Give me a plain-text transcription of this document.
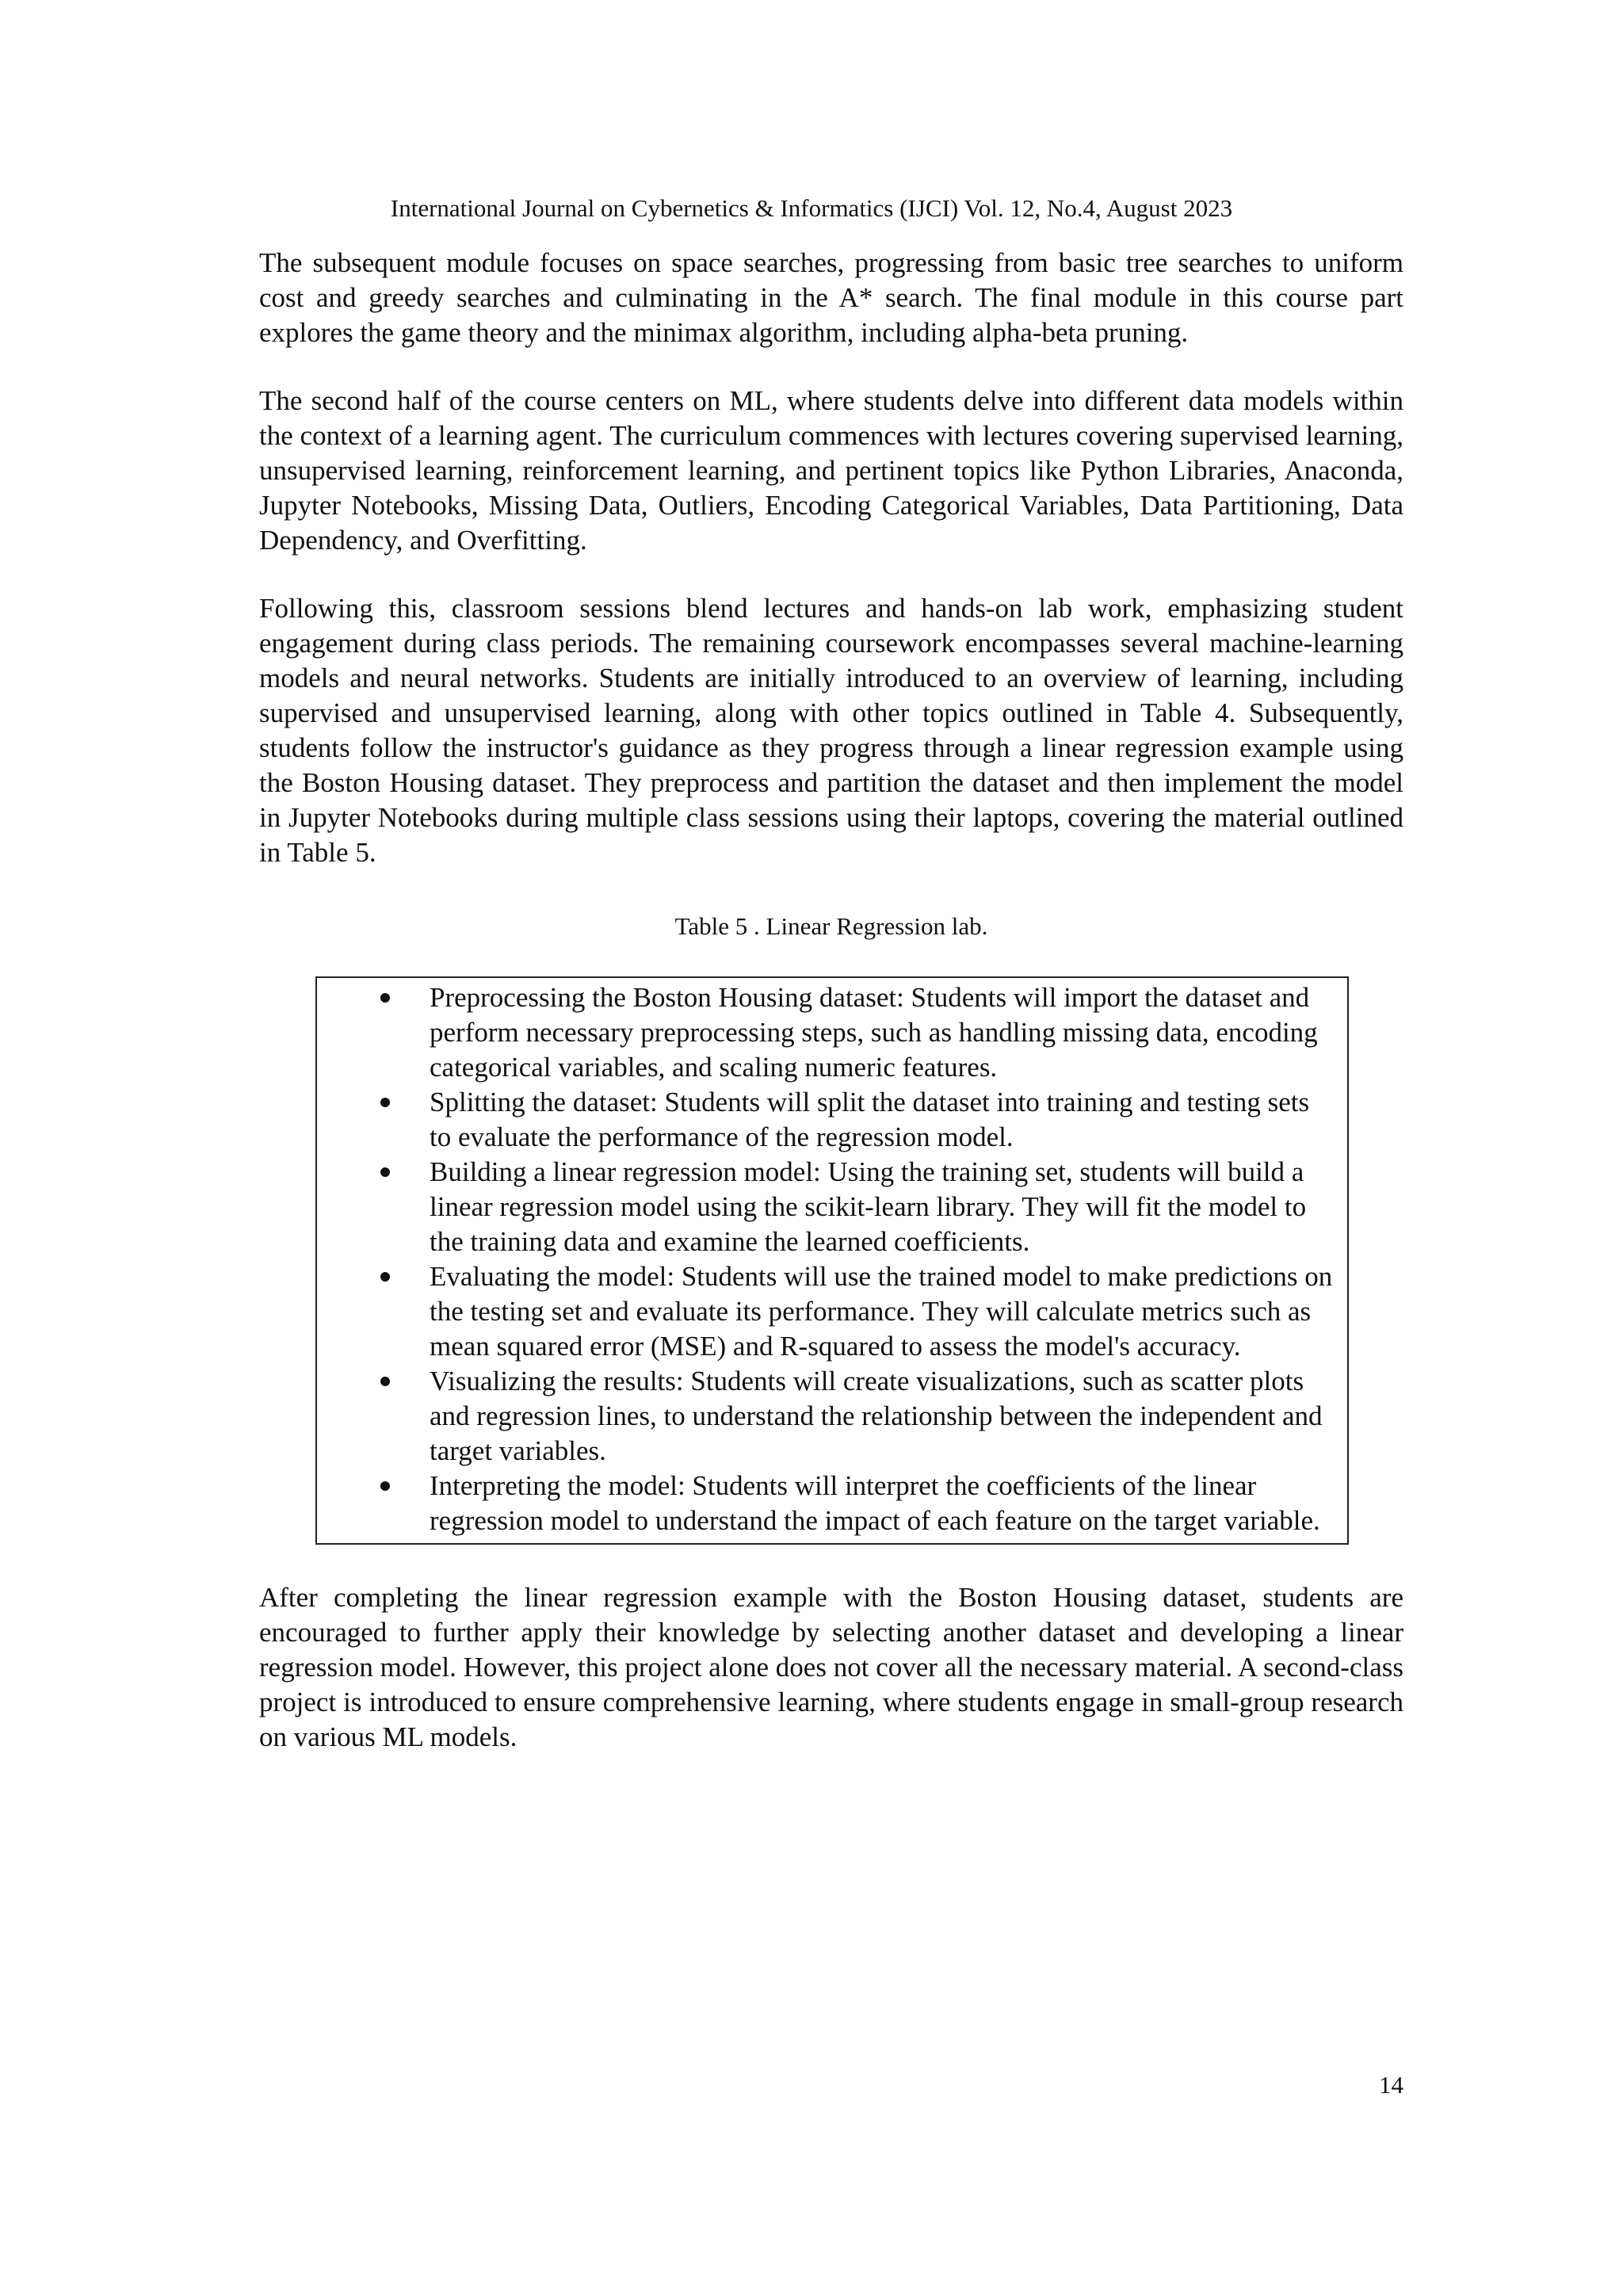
International Journal on Cybernetics & Informatics (IJCI) Vol. 12, No.4, August 2023

The subsequent module focuses on space searches, progressing from basic tree searches to uniform cost and greedy searches and culminating in the A* search. The final module in this course part explores the game theory and the minimax algorithm, including alpha-beta pruning.

The second half of the course centers on ML, where students delve into different data models within the context of a learning agent. The curriculum commences with lectures covering supervised learning, unsupervised learning, reinforcement learning, and pertinent topics like Python Libraries, Anaconda, Jupyter Notebooks, Missing Data, Outliers, Encoding Categorical Variables, Data Partitioning, Data Dependency, and Overfitting.

Following this, classroom sessions blend lectures and hands-on lab work, emphasizing student engagement during class periods. The remaining coursework encompasses several machine-learning models and neural networks. Students are initially introduced to an overview of learning, including supervised and unsupervised learning, along with other topics outlined in Table 4. Subsequently, students follow the instructor's guidance as they progress through a linear regression example using the Boston Housing dataset. They preprocess and partition the dataset and then implement the model in Jupyter Notebooks during multiple class sessions using their laptops, covering the material outlined in Table 5.

Table 5 . Linear Regression lab.

Preprocessing the Boston Housing dataset: Students will import the dataset and perform necessary preprocessing steps, such as handling missing data, encoding categorical variables, and scaling numeric features.
Splitting the dataset: Students will split the dataset into training and testing sets to evaluate the performance of the regression model.
Building a linear regression model: Using the training set, students will build a linear regression model using the scikit-learn library. They will fit the model to the training data and examine the learned coefficients.
Evaluating the model: Students will use the trained model to make predictions on the testing set and evaluate its performance. They will calculate metrics such as mean squared error (MSE) and R-squared to assess the model's accuracy.
Visualizing the results: Students will create visualizations, such as scatter plots and regression lines, to understand the relationship between the independent and target variables.
Interpreting the model: Students will interpret the coefficients of the linear regression model to understand the impact of each feature on the target variable.

After completing the linear regression example with the Boston Housing dataset, students are encouraged to further apply their knowledge by selecting another dataset and developing a linear regression model. However, this project alone does not cover all the necessary material. A second-class project is introduced to ensure comprehensive learning, where students engage in small-group research on various ML models.

14
